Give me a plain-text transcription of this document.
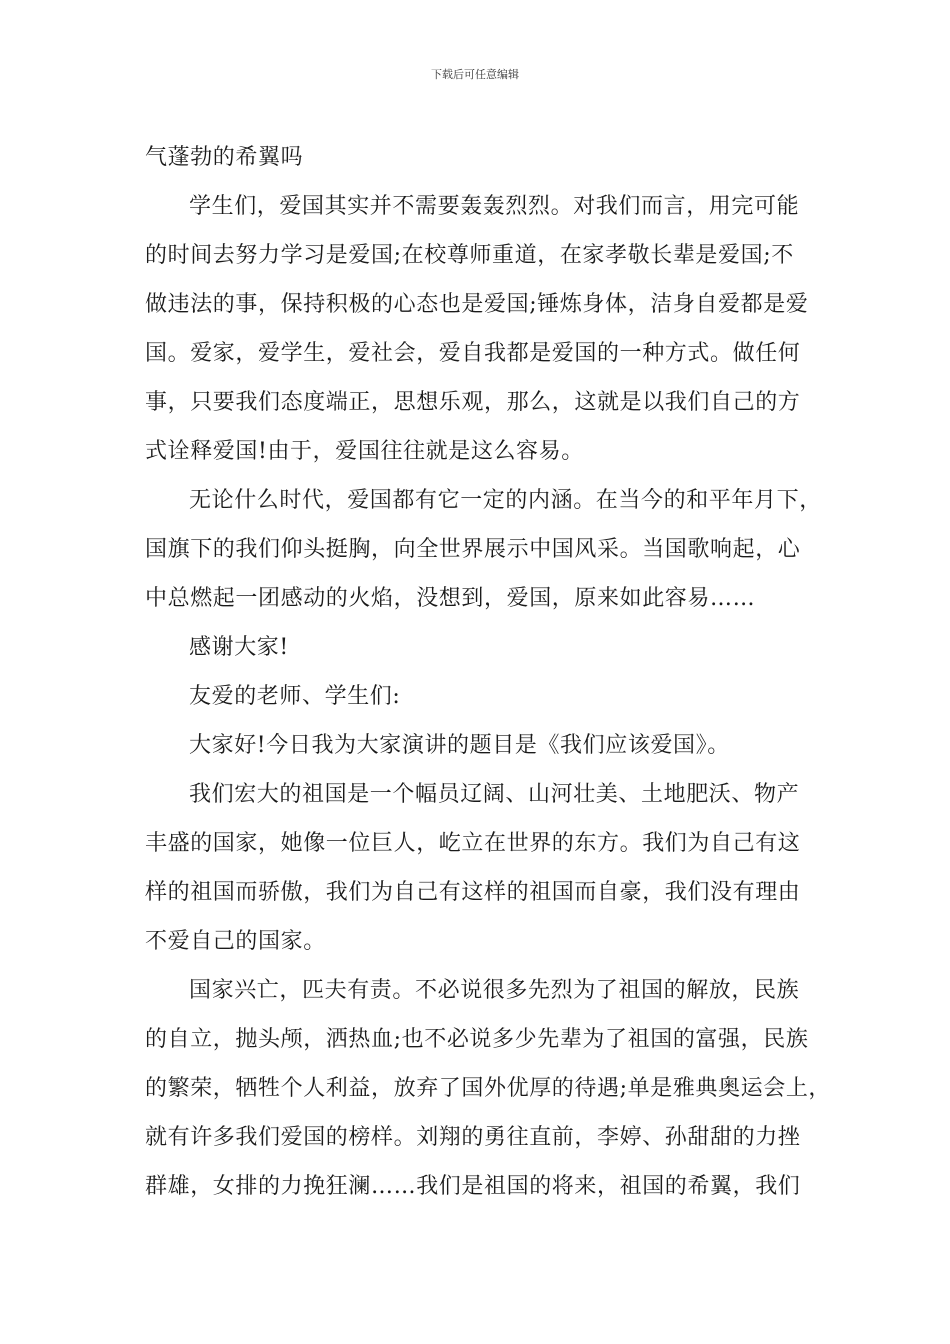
下载后可任意编辑
气蓬勃的希翼吗
学生们，爱国其实并不需要轰轰烈烈。对我们而言，用完可能
的时间去努力学习是爱国;在校尊师重道，在家孝敬长辈是爱国;不
做违法的事，保持积极的心态也是爱国;锤炼身体，洁身自爱都是爱
国。爱家，爱学生，爱社会，爱自我都是爱国的一种方式。做任何
事，只要我们态度端正，思想乐观，那么，这就是以我们自己的方
式诠释爱国!由于，爱国往往就是这么容易。
无论什么时代，爱国都有它一定的内涵。在当今的和平年月下，
国旗下的我们仰头挺胸，向全世界展示中国风采。当国歌响起，心
中总燃起一团感动的火焰，没想到，爱国，原来如此容易……
感谢大家!
友爱的老师、学生们:
大家好!今日我为大家演讲的题目是《我们应该爱国》。
我们宏大的祖国是一个幅员辽阔、山河壮美、土地肥沃、物产
丰盛的国家，她像一位巨人，屹立在世界的东方。我们为自己有这
样的祖国而骄傲，我们为自己有这样的祖国而自豪，我们没有理由
不爱自己的国家。
国家兴亡，匹夫有责。不必说很多先烈为了祖国的解放，民族
的自立，抛头颅，洒热血;也不必说多少先辈为了祖国的富强，民族
的繁荣，牺牲个人利益，放弃了国外优厚的待遇;单是雅典奥运会上，
就有许多我们爱国的榜样。刘翔的勇往直前，李婷、孙甜甜的力挫
群雄，女排的力挽狂澜……我们是祖国的将来，祖国的希翼，我们
